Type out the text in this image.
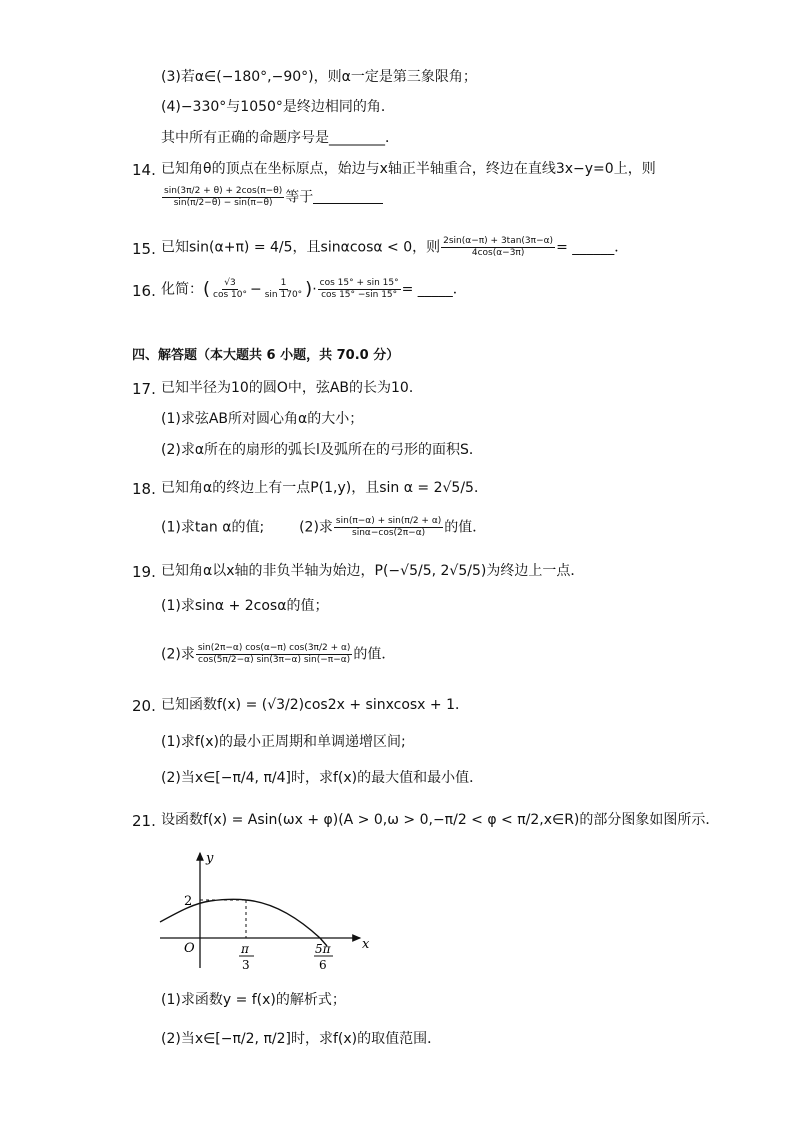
(3)若α∈(−180°,−90°)，则α一定是第三象限角；
(4)−330°与1050°是终边相同的角．
其中所有正确的命题序号是________．
14. 已知角θ的顶点在坐标原点，始边与x轴正半轴重合，终边在直线3x−y=0上，则
$\frac{\sin(3\pi/2 + \theta) + 2\cos(\pi-\theta)}{\sin(\pi/2-\theta) - \sin(\pi-\theta)}$ 等于
15. 已知sin(α+π) = 4/5，且sinαcosα < 0，则 $\frac{2\sin(\alpha-\pi) + 3\tan(3\pi-\alpha)}{4\cos(\alpha-3\pi)}$ = ______．
16. 化简：( $\frac{√3}{\cos 10^\circ} - \frac{1}{\sin 170^\circ}$ )· $\frac{\cos 15^\circ + \sin 15^\circ}{\cos 15^\circ -\sin 15^\circ}$ = _____．
四、解答题（本大题共 6 小题，共 70.0 分）
17. 已知半径为10的圆O中，弦AB的长为10．
(1)求弦AB所对圆心角α的大小；
(2)求α所在的扇形的弧长l及弧所在的弓形的面积S．
18. 已知角α的终边上有一点P(1,y)，且sin α = 2√5/5．
(1)求tan α的值; (2)求 $\frac{\sin(\pi-\alpha) + \sin(\pi/2 + \alpha)}{\sin\alpha-\cos(2\pi-\alpha)}$ 的值．
19. 已知角α以x轴的非负半轴为始边，P(−√5/5, 2√5/5)为终边上一点．
(1)求sinα + 2cosα的值；
(2)求 $\frac{\sin(2\pi-\alpha) \cos(\alpha-\pi) \cos(3\pi/2 + \alpha)}{\cos(5\pi/2-\alpha) \sin(3\pi-\alpha) \sin(-\pi-\alpha)}$ 的值．
20. 已知函数f(x) = (√3/2)cos2x + sinxcosx + 1．
(1)求f(x)的最小正周期和单调递增区间;
(2)当x∈[−π/4, π/4]时，求f(x)的最大值和最小值．
21. 设函数f(x) = Asin(ωx + φ)(A > 0,ω > 0,−π/2 < φ < π/2,x∈R)的部分图象如图所示．
y
x
O
2
π
3
5π
6
(1)求函数y = f(x)的解析式；
(2)当x∈[−π/2, π/2]时，求f(x)的取值范围．
